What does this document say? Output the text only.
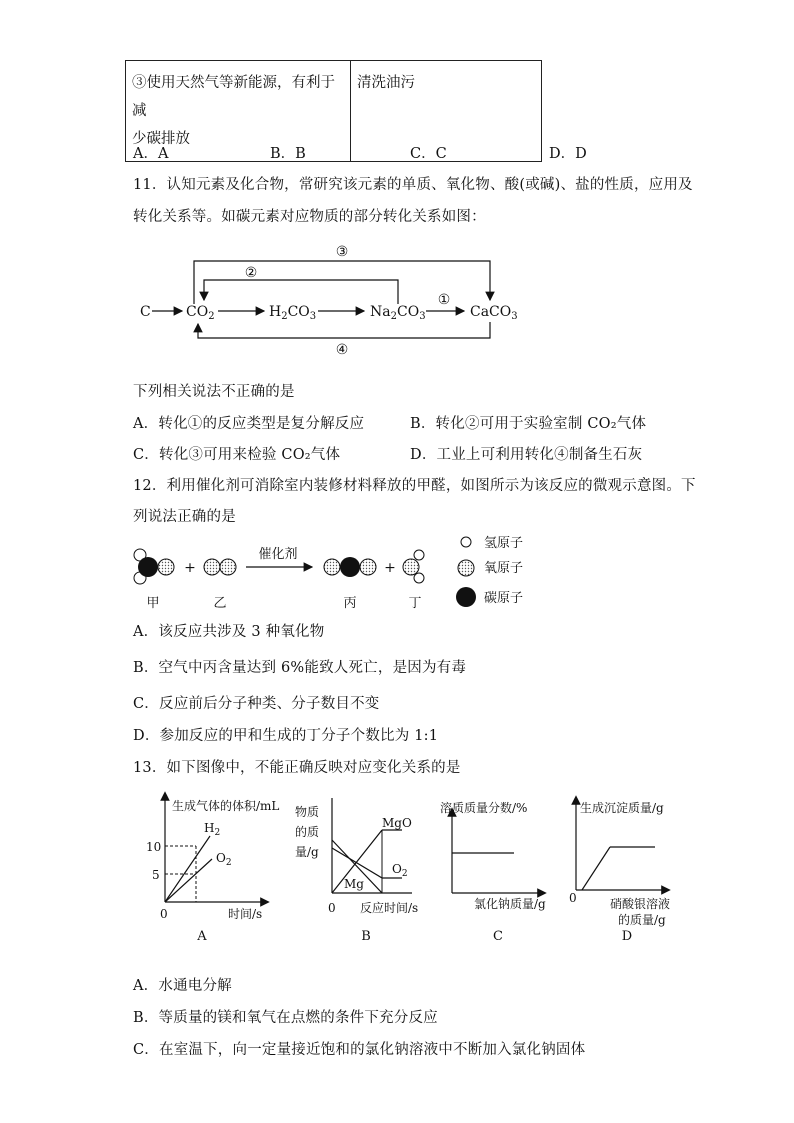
③使用天然气等新能源，有利于减
少碳排放	清洗油污
A．A	B．B	C．C	D．D
11．认知元素及化合物，常研究该元素的单质、氧化物、酸(或碱)、盐的性质，应用及
转化关系等。如碳元素对应物质的部分转化关系如图：
③
②
C	$CO_2$	$H_2CO_3$	$Na_2CO_3$
①
CaCO$_3$
④
下列相关说法不正确的是
A．转化①的反应类型是复分解反应	B．转化②可用于实验室制 CO₂气体
C．转化③可用来检验 CO₂气体	D．工业上可利用转化④制备生石灰
12．利用催化剂可消除室内装修材料释放的甲醛，如图所示为该反应的微观示意图。下
列说法正确的是
+
催化剂
+
甲	乙	丙	丁
氢原子
氧原子
碳原子
A．该反应共涉及 3 种氧化物
B．空气中丙含量达到 6%能致人死亡，是因为有毒
C．反应前后分子种类、分子数目不变
D．参加反应的甲和生成的丁分子个数比为 1:1
13．如下图像中，不能正确反映对应变化关系的是
生成气体的体积/mL
时间/s
0
10
5
$H_2$
$O_2$
A
物质
的质
量/g
0 反应时间/s
MgO
$O_2$
Mg
B
溶质质量分数/%
氯化钠质量/g
C
生成沉淀质量/g
0	硝酸银溶液
的质量/g
D
A．水通电分解
B．等质量的镁和氧气在点燃的条件下充分反应
C．在室温下，向一定量接近饱和的氯化钠溶液中不断加入氯化钠固体
